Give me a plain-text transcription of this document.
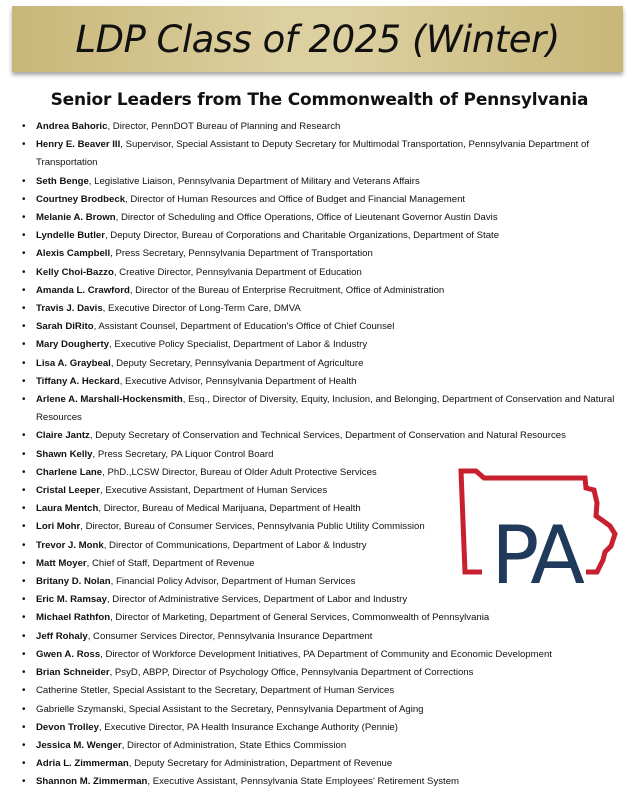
LDP Class of 2025 (Winter)
Senior Leaders from The Commonwealth of Pennsylvania
• Andrea Bahoric, Director, PennDOT Bureau of Planning and Research
• Henry E. Beaver III, Supervisor, Special Assistant to Deputy Secretary for Multimodal Transportation, Pennsylvania Department of Transportation
• Seth Benge, Legislative Liaison, Pennsylvania Department of Military and Veterans Affairs
• Courtney Brodbeck, Director of Human Resources and Office of Budget and Financial Management
• Melanie A. Brown, Director of Scheduling and Office Operations, Office of Lieutenant Governor Austin Davis
• Lyndelle Butler, Deputy Director, Bureau of Corporations and Charitable Organizations, Department of State
• Alexis Campbell, Press Secretary, Pennsylvania Department of Transportation
• Kelly Choi-Bazzo, Creative Director, Pennsylvania Department of Education
• Amanda L. Crawford, Director of the Bureau of Enterprise Recruitment, Office of Administration
• Travis J. Davis, Executive Director of Long-Term Care, DMVA
• Sarah DiRito, Assistant Counsel, Department of Education's Office of Chief Counsel
• Mary Dougherty, Executive Policy Specialist, Department of Labor & Industry
• Lisa A. Graybeal, Deputy Secretary, Pennsylvania Department of Agriculture
• Tiffany A. Heckard, Executive Advisor, Pennsylvania Department of Health
• Arlene A. Marshall-Hockensmith, Esq., Director of Diversity, Equity, Inclusion, and Belonging, Department of Conservation and Natural Resources
• Claire Jantz, Deputy Secretary of Conservation and Technical Services, Department of Conservation and Natural Resources
• Shawn Kelly, Press Secretary, PA Liquor Control Board
• Charlene Lane, PhD.,LCSW Director, Bureau of Older Adult Protective Services
• Cristal Leeper, Executive Assistant, Department of Human Services
• Laura Mentch, Director, Bureau of Medical Marijuana, Department of Health
• Lori Mohr, Director, Bureau of Consumer Services, Pennsylvania Public Utility Commission
• Trevor J. Monk, Director of Communications, Department of Labor & Industry
• Matt Moyer, Chief of Staff, Department of Revenue
• Britany D. Nolan, Financial Policy Advisor, Department of Human Services
• Eric M. Ramsay, Director of Administrative Services, Department of Labor and Industry
• Michael Rathfon, Director of Marketing, Department of General Services, Commonwealth of Pennsylvania
• Jeff Rohaly, Consumer Services Director, Pennsylvania Insurance Department
• Gwen A. Ross, Director of Workforce Development Initiatives, PA Department of Community and Economic Development
• Brian Schneider, PsyD, ABPP, Director of Psychology Office, Pennsylvania Department of Corrections
• Catherine Stetler, Special Assistant to the Secretary, Department of Human Services
• Gabrielle Szymanski, Special Assistant to the Secretary, Pennsylvania Department of Aging
• Devon Trolley, Executive Director, PA Health Insurance Exchange Authority (Pennie)
• Jessica M. Wenger, Director of Administration, State Ethics Commission
• Adria L. Zimmerman, Deputy Secretary for Administration, Department of Revenue
• Shannon M. Zimmerman, Executive Assistant, Pennsylvania State Employees' Retirement System
PA
